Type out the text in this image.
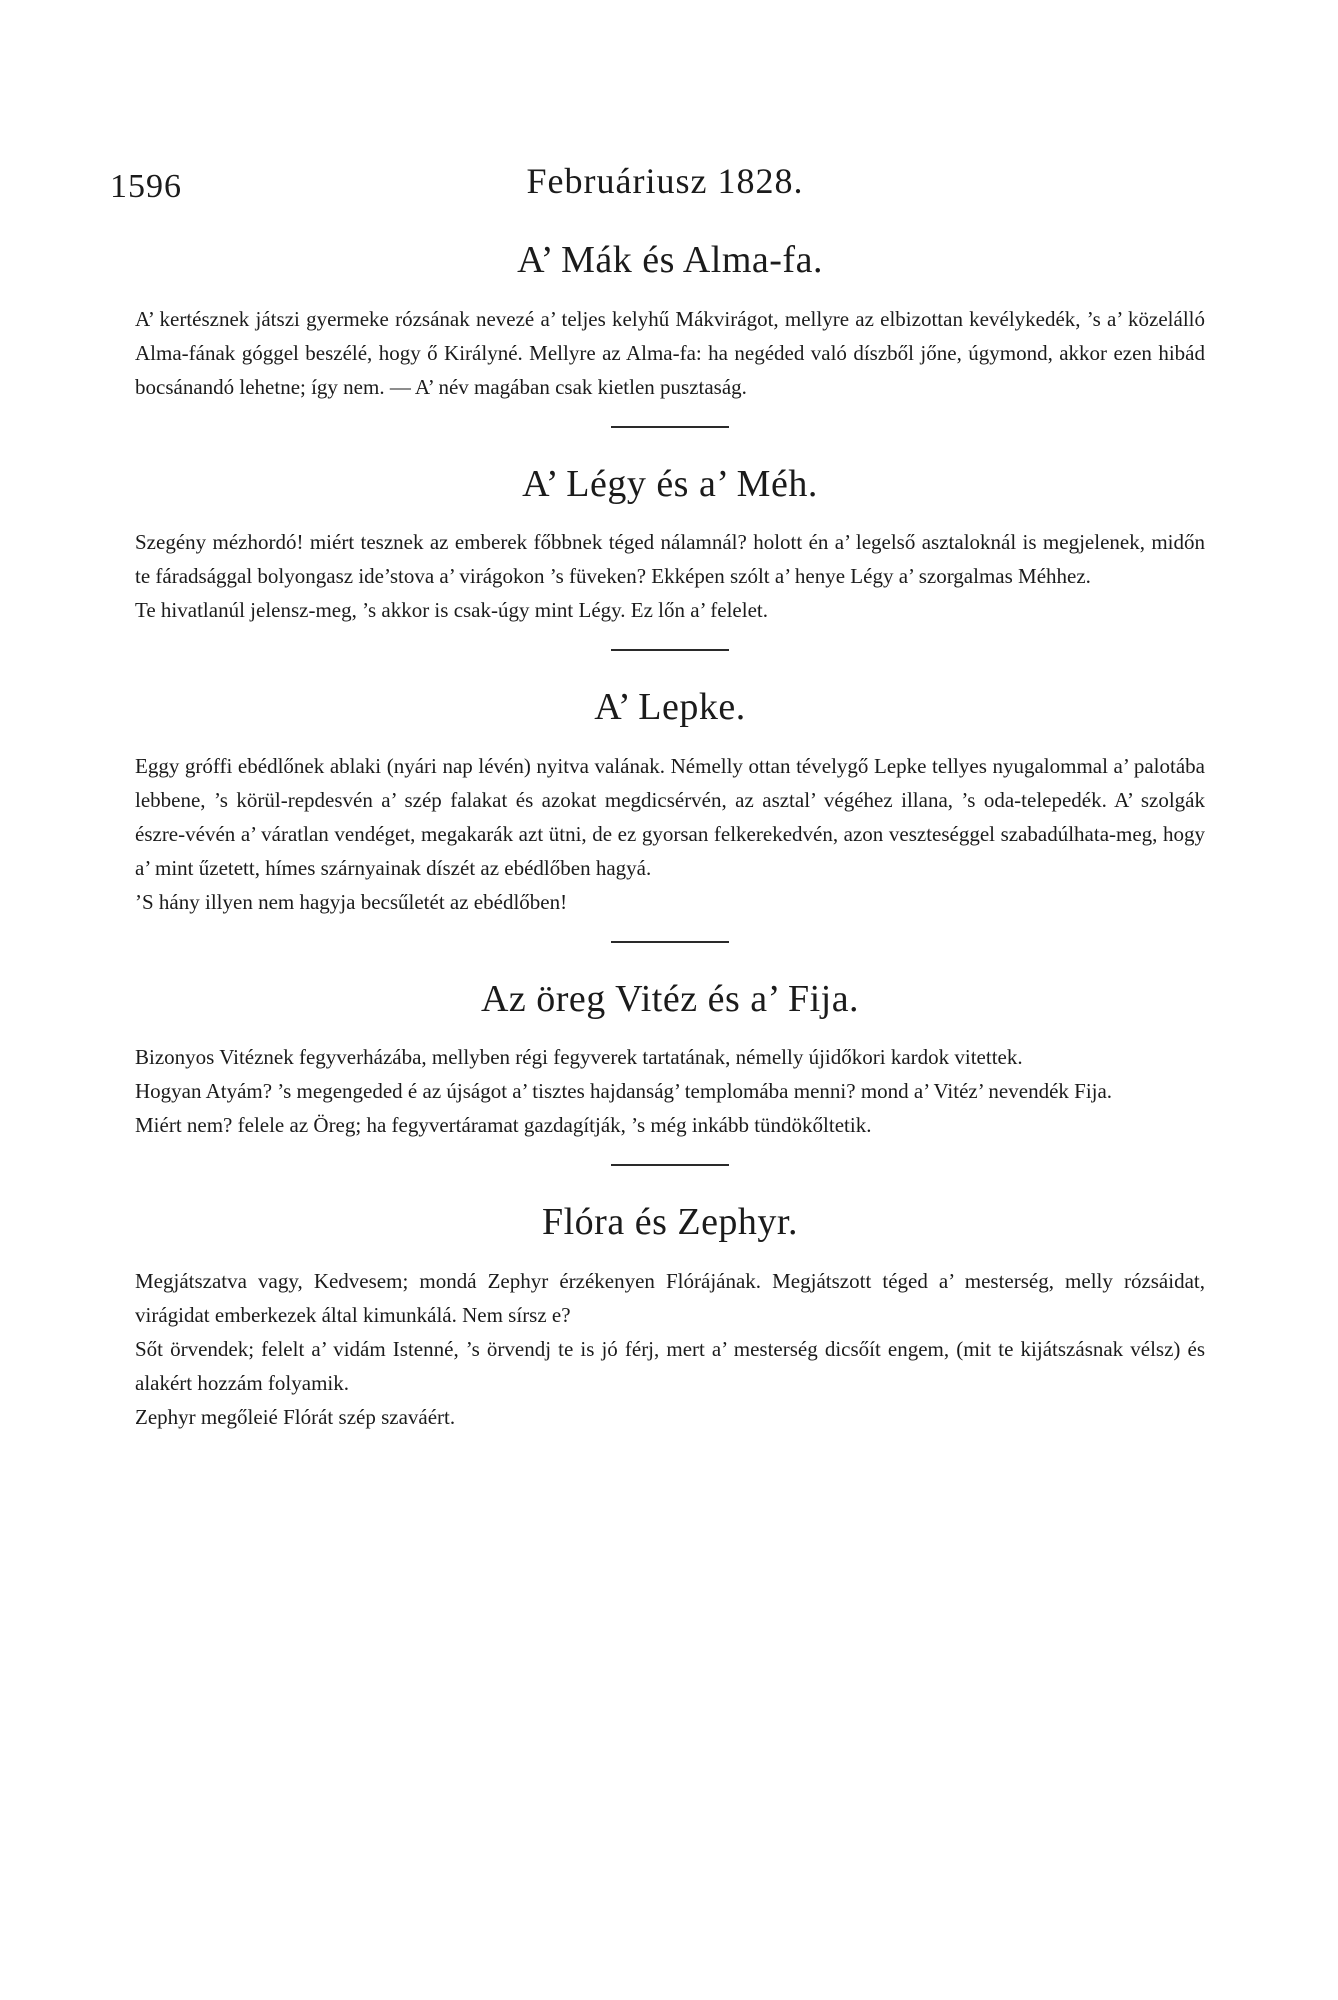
1596	Februáriusz 1828.
A’ Mák és Alma-fa.

A’ kertésznek játszi gyermeke rózsának nevezé a’ teljes kelyhű Mákvirágot, mellyre az elbizottan kevélykedék, ’s a’ közelálló Alma-fának góggel beszélé, hogy ő Királyné. Mellyre az Alma-fa: ha negéded való díszből jőne, úgymond, akkor ezen hibád bocsánandó lehetne; így nem. — A’ név magában csak kietlen pusztaság.

A’ Légy és a’ Méh.

Szegény mézhordó! miért tesznek az emberek főbbnek téged nálamnál? holott én a’ legelső asztaloknál is megjelenek, midőn te fáradsággal bolyongasz ide’stova a’ virágokon ’s füveken? Ekképen szólt a’ henye Légy a’ szorgalmas Méhhez.

Te hivatlanúl jelensz-meg, ’s akkor is csak-úgy mint Légy. Ez lőn a’ felelet.

A’ Lepke.

Eggy gróffi ebédlőnek ablaki (nyári nap lévén) nyitva valának. Némelly ottan tévelygő Lepke tellyes nyugalommal a’ palotába lebbene, ’s körül-repdesvén a’ szép falakat és azokat megdicsérvén, az asztal’ végéhez illana, ’s oda-telepedék. A’ szolgák észre-vévén a’ váratlan vendéget, megakarák azt ütni, de ez gyorsan felkerekedvén, azon veszteséggel szabadúlhata-meg, hogy a’ mint űzetett, hímes szárnyainak díszét az ebédlőben hagyá.

’S hány illyen nem hagyja becsűletét az ebédlőben!

Az öreg Vitéz és a’ Fija.

Bizonyos Vitéznek fegyverházába, mellyben régi fegyverek tartatának, némelly újidőkori kardok vitettek.

Hogyan Atyám? ’s megengeded é az újságot a’ tisztes hajdanság’ templomába menni? mond a’ Vitéz’ nevendék Fija.

Miért nem? felele az Öreg; ha fegyvertáramat gazdagítják, ’s még inkább tündökőltetik.

Flóra és Zephyr.

Megjátszatva vagy, Kedvesem; mondá Zephyr érzékenyen Flórájának. Megjátszott téged a’ mesterség, melly rózsáidat, virágidat emberkezek által kimunkálá. Nem sírsz e?

Sőt örvendek; felelt a’ vidám Istenné, ’s örvendj te is jó férj, mert a’ mesterség dicsőít engem, (mit te kijátszásnak vélsz) és alakért hozzám folyamik.

Zephyr megőleié Flórát szép szaváért.
